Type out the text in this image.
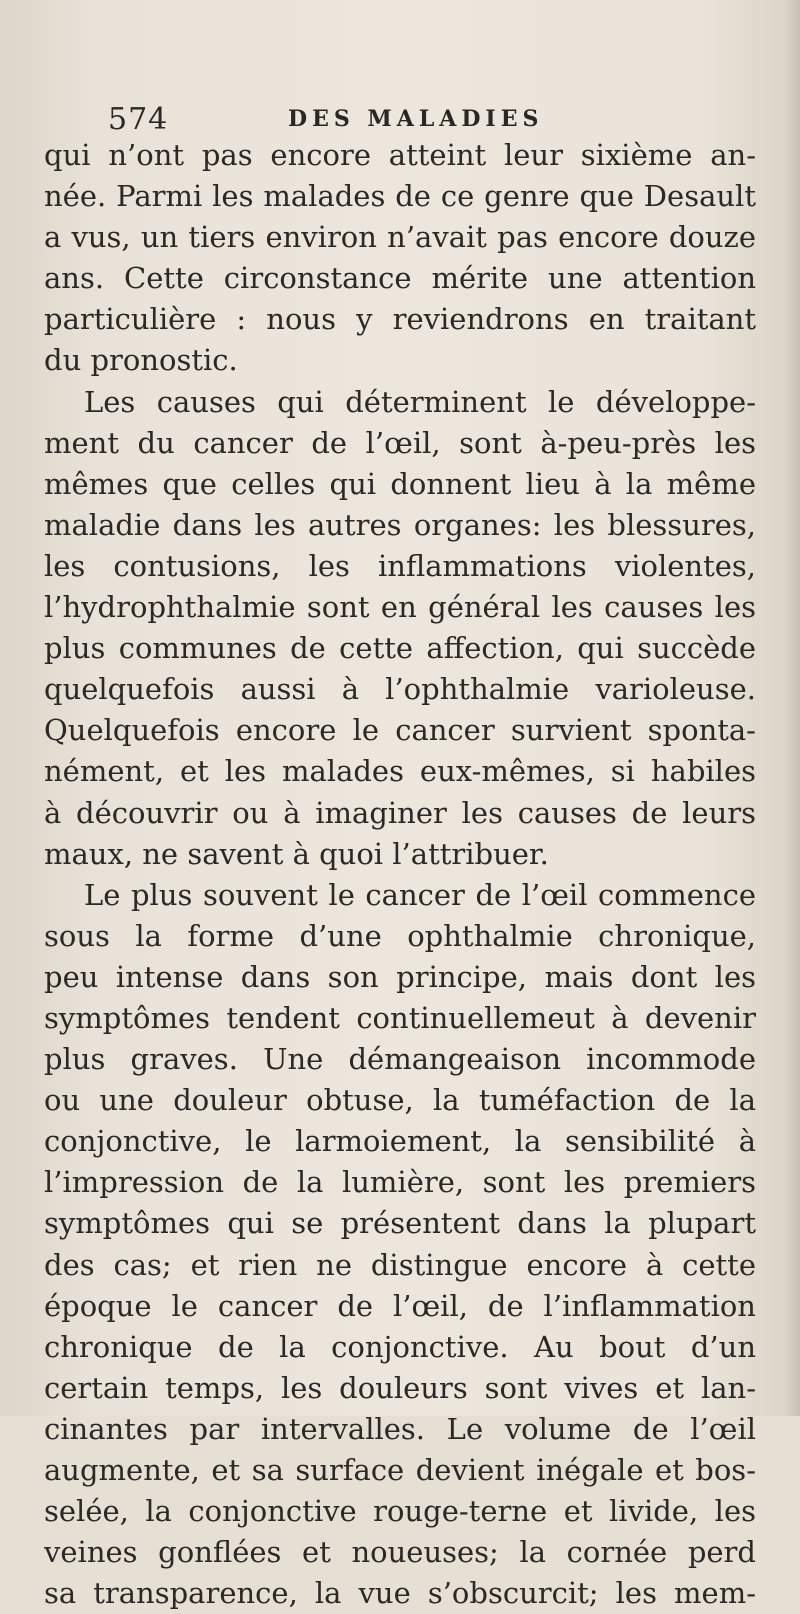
574	DES MALADIES
qui n’ont pas encore atteint leur sixième an-
née. Parmi les malades de ce genre que Desault
a vus, un tiers environ n’avait pas encore douze
ans. Cette circonstance mérite une attention
particulière : nous y reviendrons en traitant
du pronostic.
Les causes qui déterminent le développe-
ment du cancer de l’œil, sont à-peu-près les
mêmes que celles qui donnent lieu à la même
maladie dans les autres organes: les blessures,
les contusions, les inflammations violentes,
l’hydrophthalmie sont en général les causes les
plus communes de cette affection, qui succède
quelquefois aussi à l’ophthalmie varioleuse.
Quelquefois encore le cancer survient sponta-
nément, et les malades eux-mêmes, si habiles
à découvrir ou à imaginer les causes de leurs
maux, ne savent à quoi l’attribuer.
Le plus souvent le cancer de l’œil commence
sous la forme d’une ophthalmie chronique,
peu intense dans son principe, mais dont les
symptômes tendent continuellemeut à devenir
plus graves. Une démangeaison incommode
ou une douleur obtuse, la tuméfaction de la
conjonctive, le larmoiement, la sensibilité à
l’impression de la lumière, sont les premiers
symptômes qui se présentent dans la plupart
des cas; et rien ne distingue encore à cette
époque le cancer de l’œil, de l’inflammation
chronique de la conjonctive. Au bout d’un
certain temps, les douleurs sont vives et lan-
cinantes par intervalles. Le volume de l’œil
augmente, et sa surface devient inégale et bos-
selée, la conjonctive rouge-terne et livide, les
veines gonflées et noueuses; la cornée perd
sa transparence, la vue s’obscurcit; les mem-
